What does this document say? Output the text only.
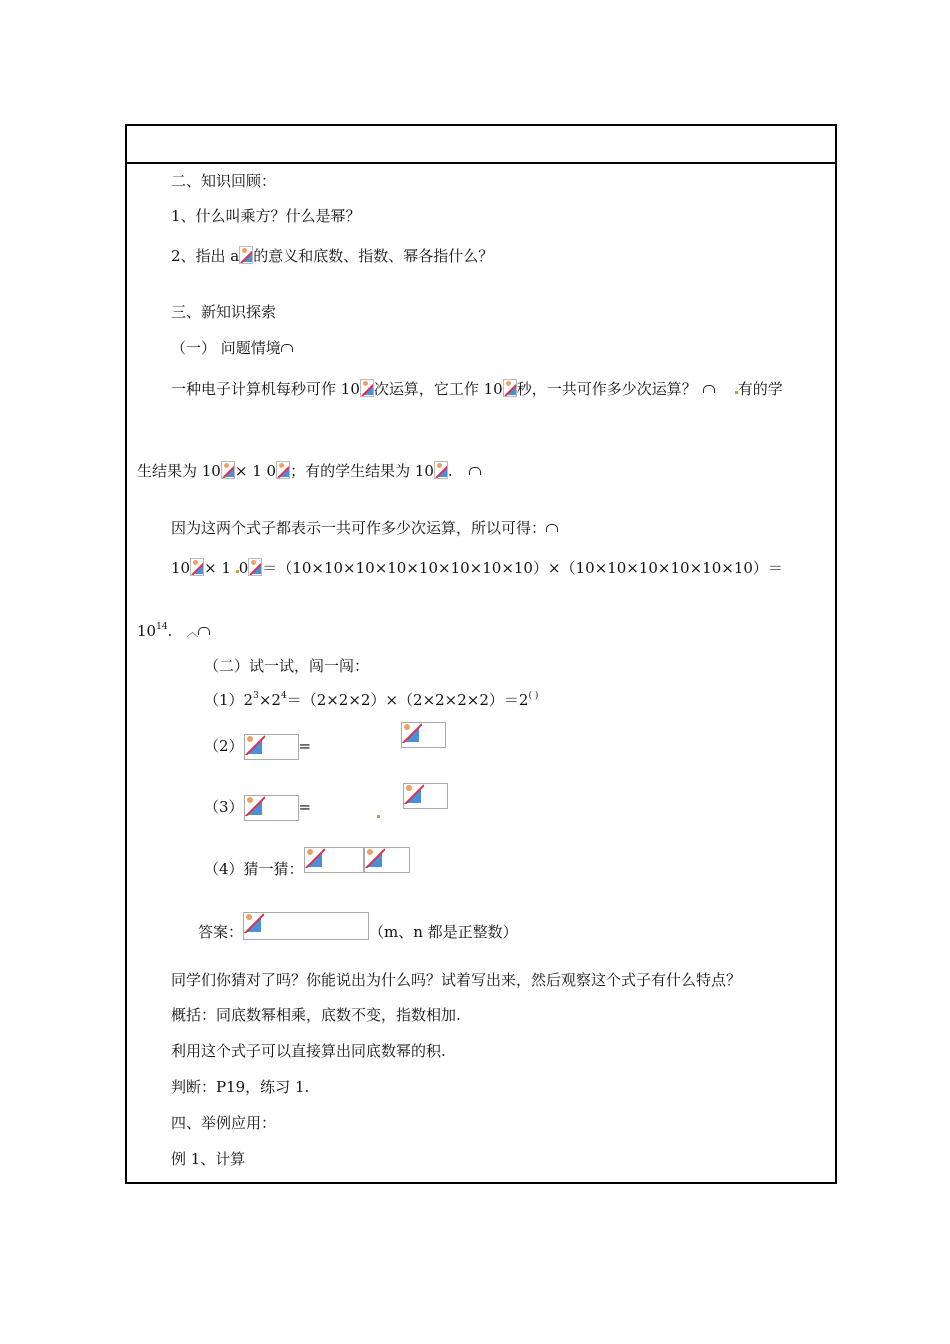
二、知识回顾：
1、什么叫乘方？什么是幂？
2、指出 a 的意义和底数、指数、幂各指什么？
三、新知识探索
（一） 问题情境
一种电子计算机每秒可作 10 次运算，它工作 10 秒，一共可作多少次运算？	有的学
生结果为 10 × 1 0 ；有的学生结果为 10 .
因为这两个式子都表示一共可作多少次运算，所以可得：
10 × 1 0 ＝（10×10×10×10×10×10×10×10）×（10×10×10×10×10×10）＝
$10^{14}$. ︿
（二）试一试，闯一闯：
$(1)2^3\times 2^4=(2\times 2\times 2)\times(2\times 2\times 2\times 2)=2^{( )}$
（2）	=
（3）	=
（4）猜一猜：
答案：	（m、n 都是正整数）
同学们你猜对了吗？你能说出为什么吗？试着写出来，然后观察这个式子有什么特点？
概括：同底数幂相乘，底数不变，指数相加.
利用这个式子可以直接算出同底数幂的积.
判断：P19，练习 1.
四、举例应用：
例 1、计算
